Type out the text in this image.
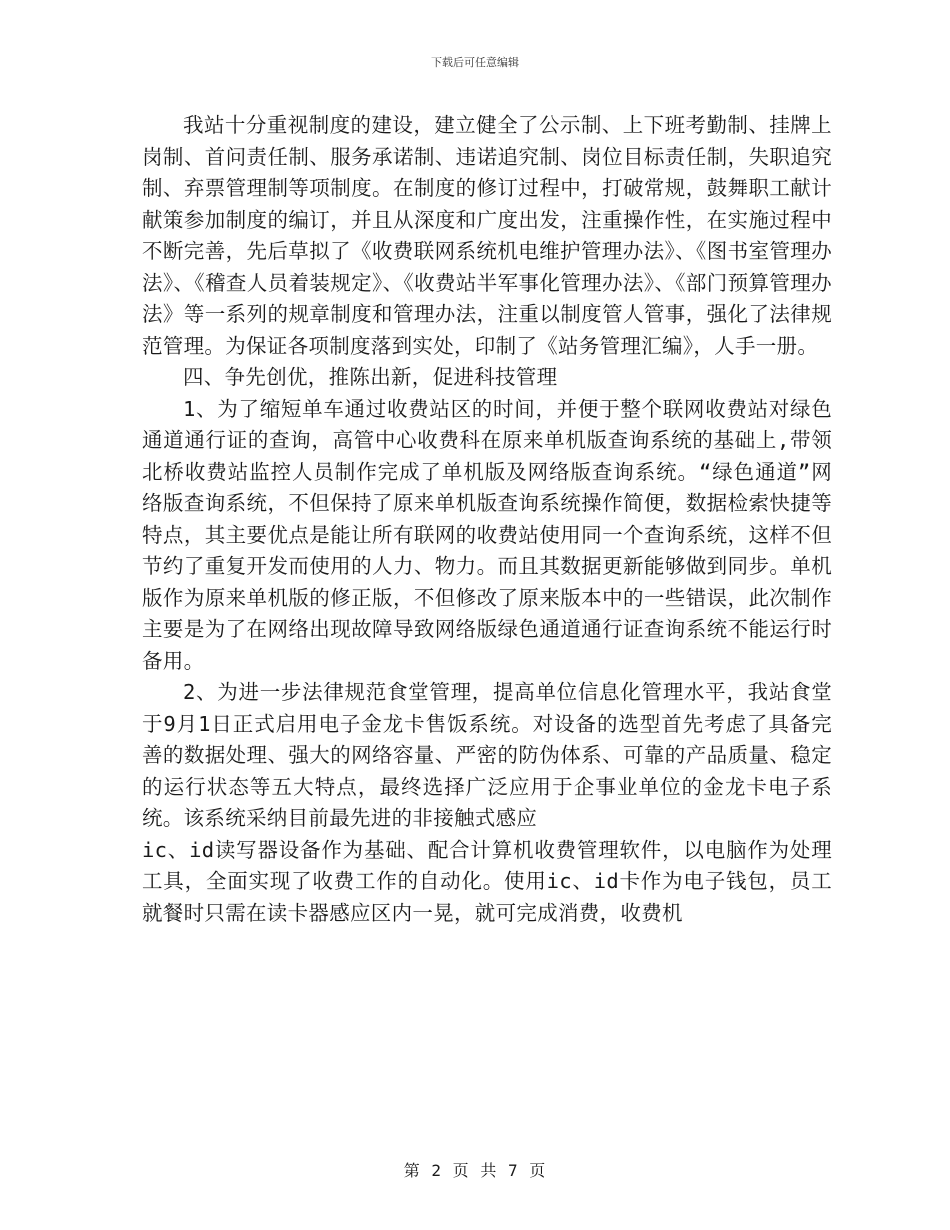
下载后可任意编辑

我站十分重视制度的建设，建立健全了公示制、上下班考勤制、挂牌上岗制、首问责任制、服务承诺制、违诺追究制、岗位目标责任制，失职追究制、弃票管理制等项制度。在制度的修订过程中，打破常规，鼓舞职工献计献策参加制度的编订，并且从深度和广度出发，注重操作性，在实施过程中不断完善，先后草拟了《收费联网系统机电维护管理办法》、《图书室管理办法》、《稽查人员着装规定》、《收费站半军事化管理办法》、《部门预算管理办法》等一系列的规章制度和管理办法，注重以制度管人管事，强化了法律规范管理。为保证各项制度落到实处，印制了《站务管理汇编》，人手一册。

四、争先创优，推陈出新，促进科技管理

1、为了缩短单车通过收费站区的时间，并便于整个联网收费站对绿色通道通行证的查询，高管中心收费科在原来单机版查询系统的基础上,带领北桥收费站监控人员制作完成了单机版及网络版查询系统。“绿色通道”网络版查询系统，不但保持了原来单机版查询系统操作简便，数据检索快捷等特点，其主要优点是能让所有联网的收费站使用同一个查询系统，这样不但节约了重复开发而使用的人力、物力。而且其数据更新能够做到同步。单机版作为原来单机版的修正版，不但修改了原来版本中的一些错误，此次制作主要是为了在网络出现故障导致网络版绿色通道通行证查询系统不能运行时备用。

2、为进一步法律规范食堂管理，提高单位信息化管理水平，我站食堂于9月1日正式启用电子金龙卡售饭系统。对设备的选型首先考虑了具备完善的数据处理、强大的网络容量、严密的防伪体系、可靠的产品质量、稳定的运行状态等五大特点，最终选择广泛应用于企事业单位的金龙卡电子系统。该系统采纳目前最先进的非接触式感应

ic、id读写器设备作为基础、配合计算机收费管理软件，以电脑作为处理工具，全面实现了收费工作的自动化。使用ic、id卡作为电子钱包，员工就餐时只需在读卡器感应区内一晃，就可完成消费，收费机

第 2 页 共 7 页
